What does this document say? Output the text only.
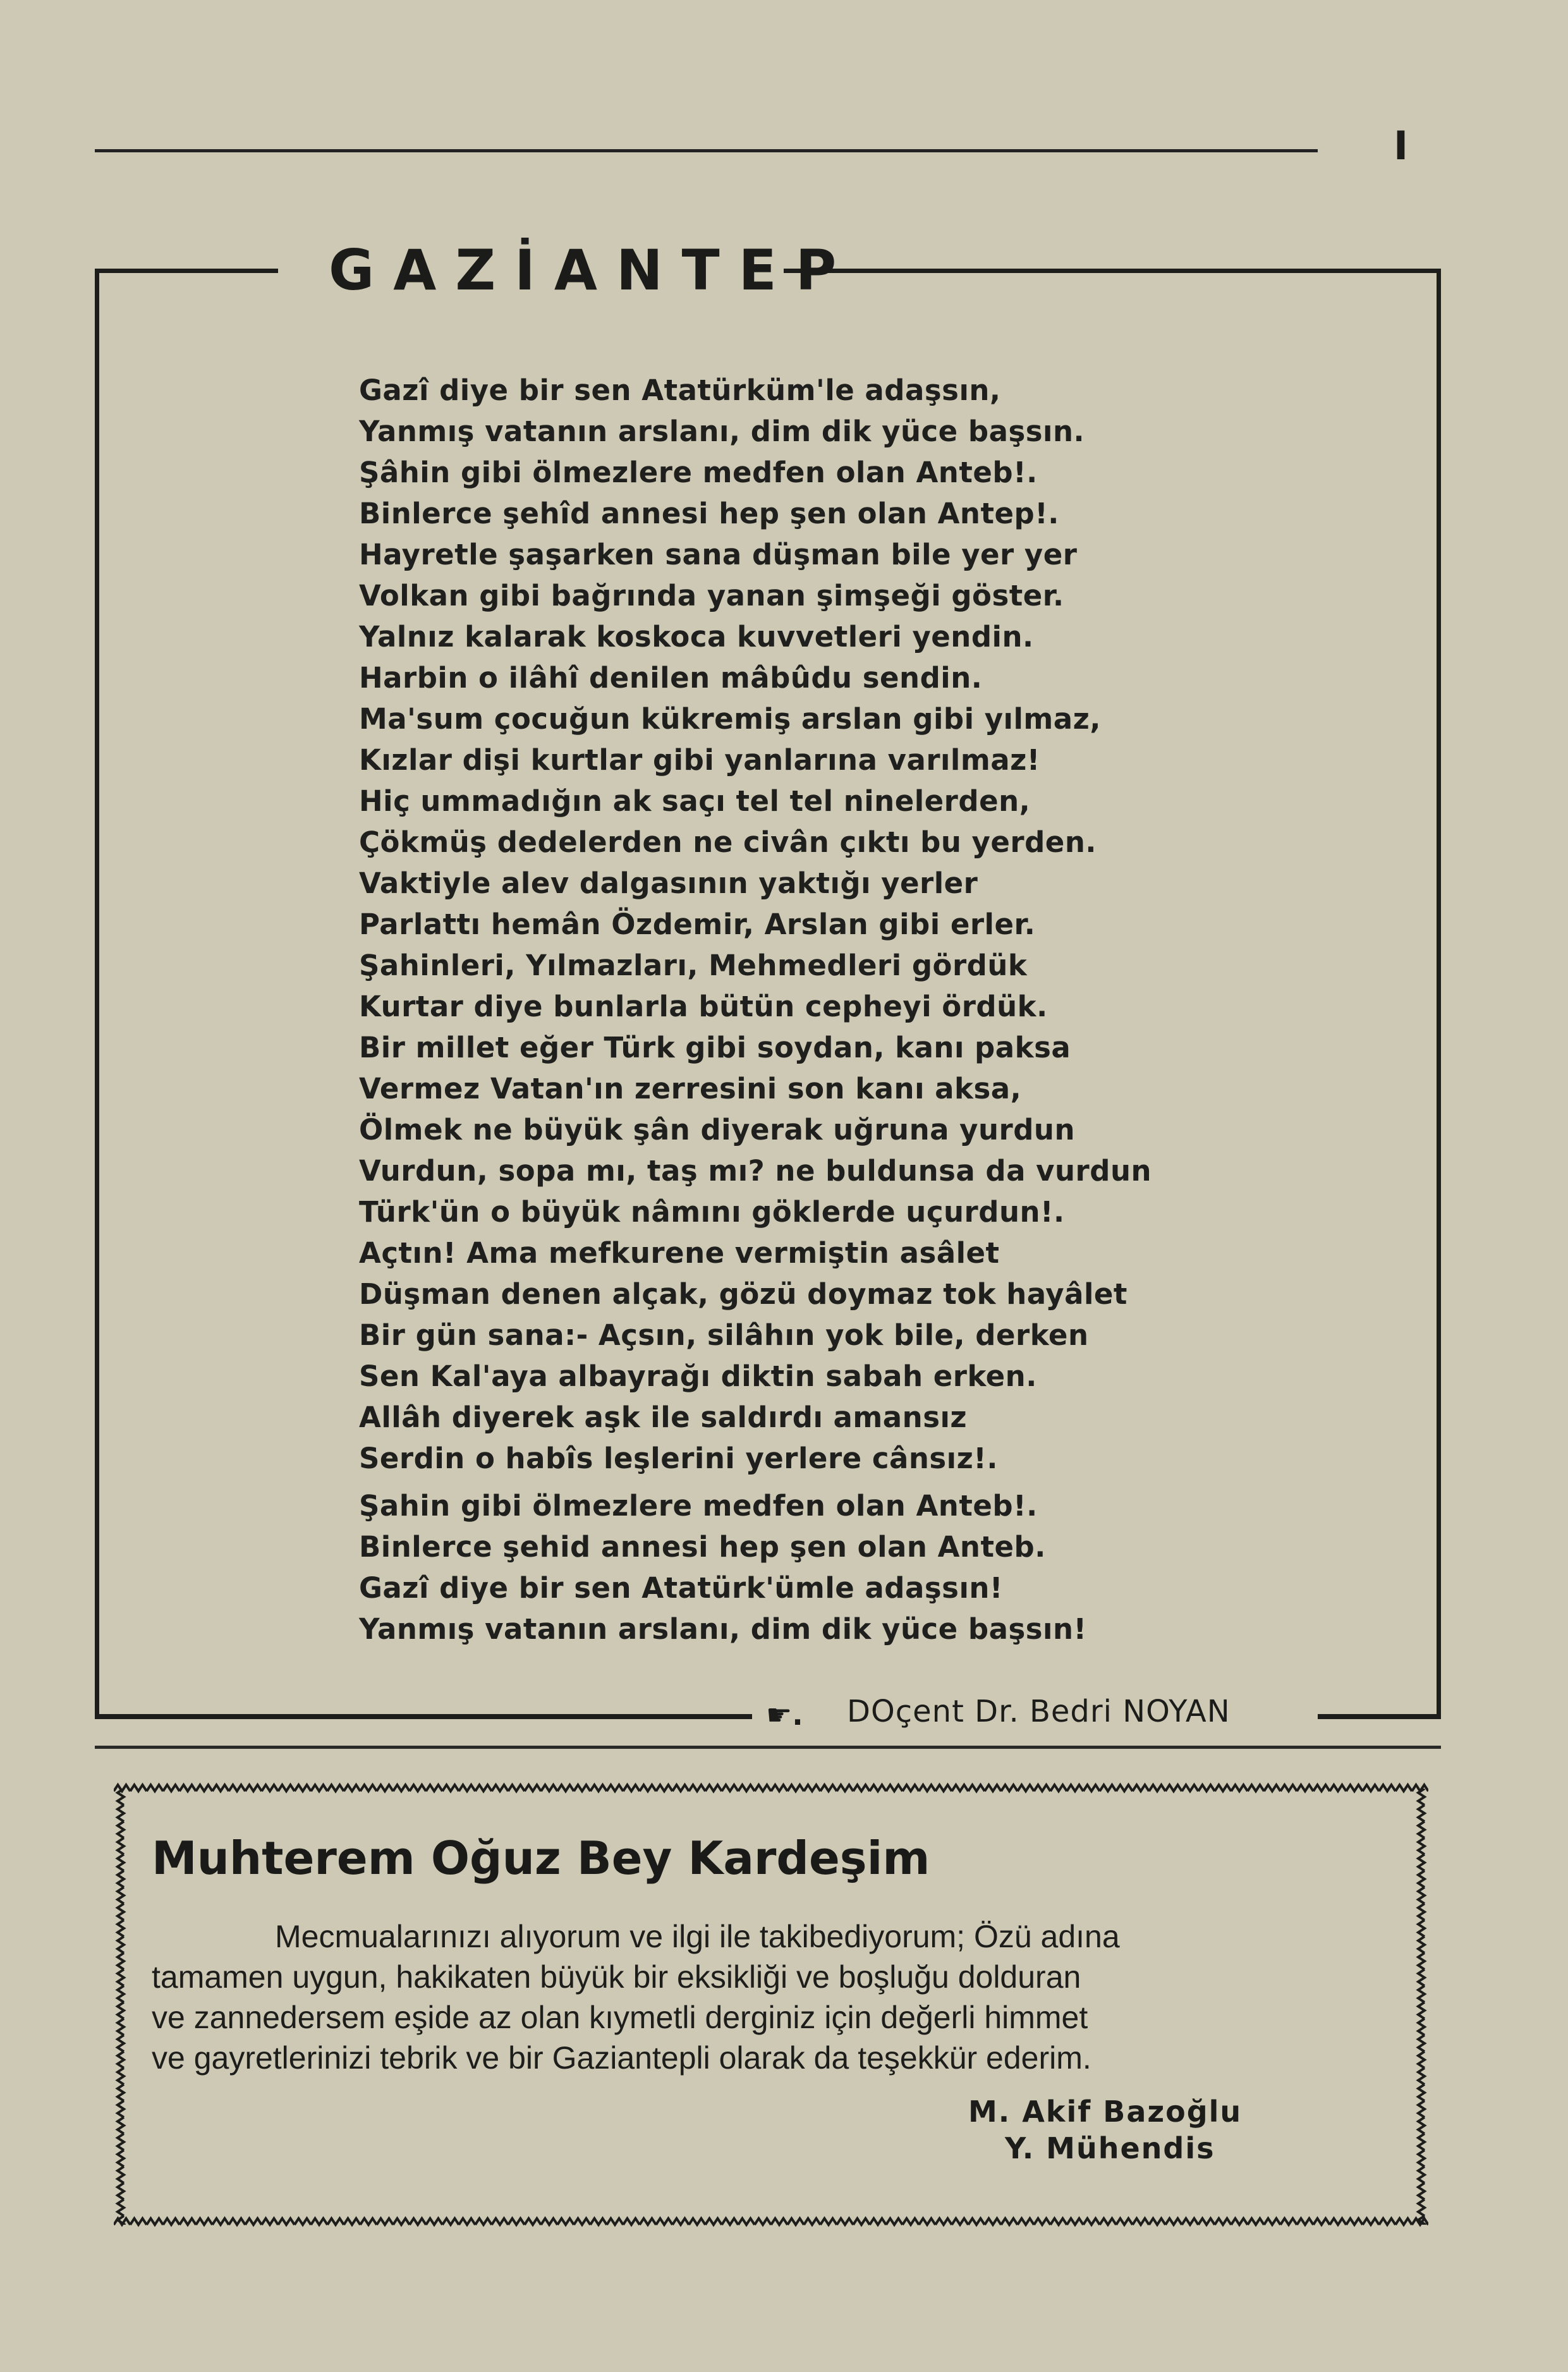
I
GAZİANTEP
Gazî diye bir sen Atatürküm'le adaşsın,
Yanmış vatanın arslanı, dim dik yüce başsın.
Şâhin gibi ölmezlere medfen olan Anteb!.
Binlerce şehîd annesi hep şen olan Antep!.
Hayretle şaşarken sana düşman bile yer yer
Volkan gibi bağrında yanan şimşeği göster.
Yalnız kalarak koskoca kuvvetleri yendin.
Harbin o ilâhî denilen mâbûdu sendin.
Ma'sum çocuğun kükremiş arslan gibi yılmaz,
Kızlar dişi kurtlar gibi yanlarına varılmaz!
Hiç ummadığın ak saçı tel tel ninelerden,
Çökmüş dedelerden ne civân çıktı bu yerden.
Vaktiyle alev dalgasının yaktığı yerler
Parlattı hemân Özdemir, Arslan gibi erler.
Şahinleri, Yılmazları, Mehmedleri gördük
Kurtar diye bunlarla bütün cepheyi ördük.
Bir millet eğer Türk gibi soydan, kanı paksa
Vermez Vatan'ın zerresini son kanı aksa,
Ölmek ne büyük şân diyerak uğruna yurdun
Vurdun, sopa mı, taş mı? ne buldunsa da vurdun
Türk'ün o büyük nâmını göklerde uçurdun!.
Açtın! Ama mefkurene vermiştin asâlet
Düşman denen alçak, gözü doymaz tok hayâlet
Bir gün sana:- Açsın, silâhın yok bile, derken
Sen Kal'aya albayrağı diktin sabah erken.
Allâh diyerek aşk ile saldırdı amansız
Serdin o habîs leşlerini yerlere cânsız!.
Şahin gibi ölmezlere medfen olan Anteb!.
Binlerce şehid annesi hep şen olan Anteb.
Gazî diye bir sen Atatürk'ümle adaşsın!
Yanmış vatanın arslanı, dim dik yüce başsın!
☛. DOçent Dr. Bedri NOYAN
Muhterem Oğuz Bey Kardeşim
Mecmualarınızı alıyorum ve ilgi ile takibediyorum; Özü adına
tamamen uygun, hakikaten büyük bir eksikliği ve boşluğu dolduran
ve zannedersem eşide az olan kıymetli derginiz için değerli himmet
ve gayretlerinizi tebrik ve bir Gaziantepli olarak da teşekkür ederim.
M. Akif Bazoğlu
Y. Mühendis
